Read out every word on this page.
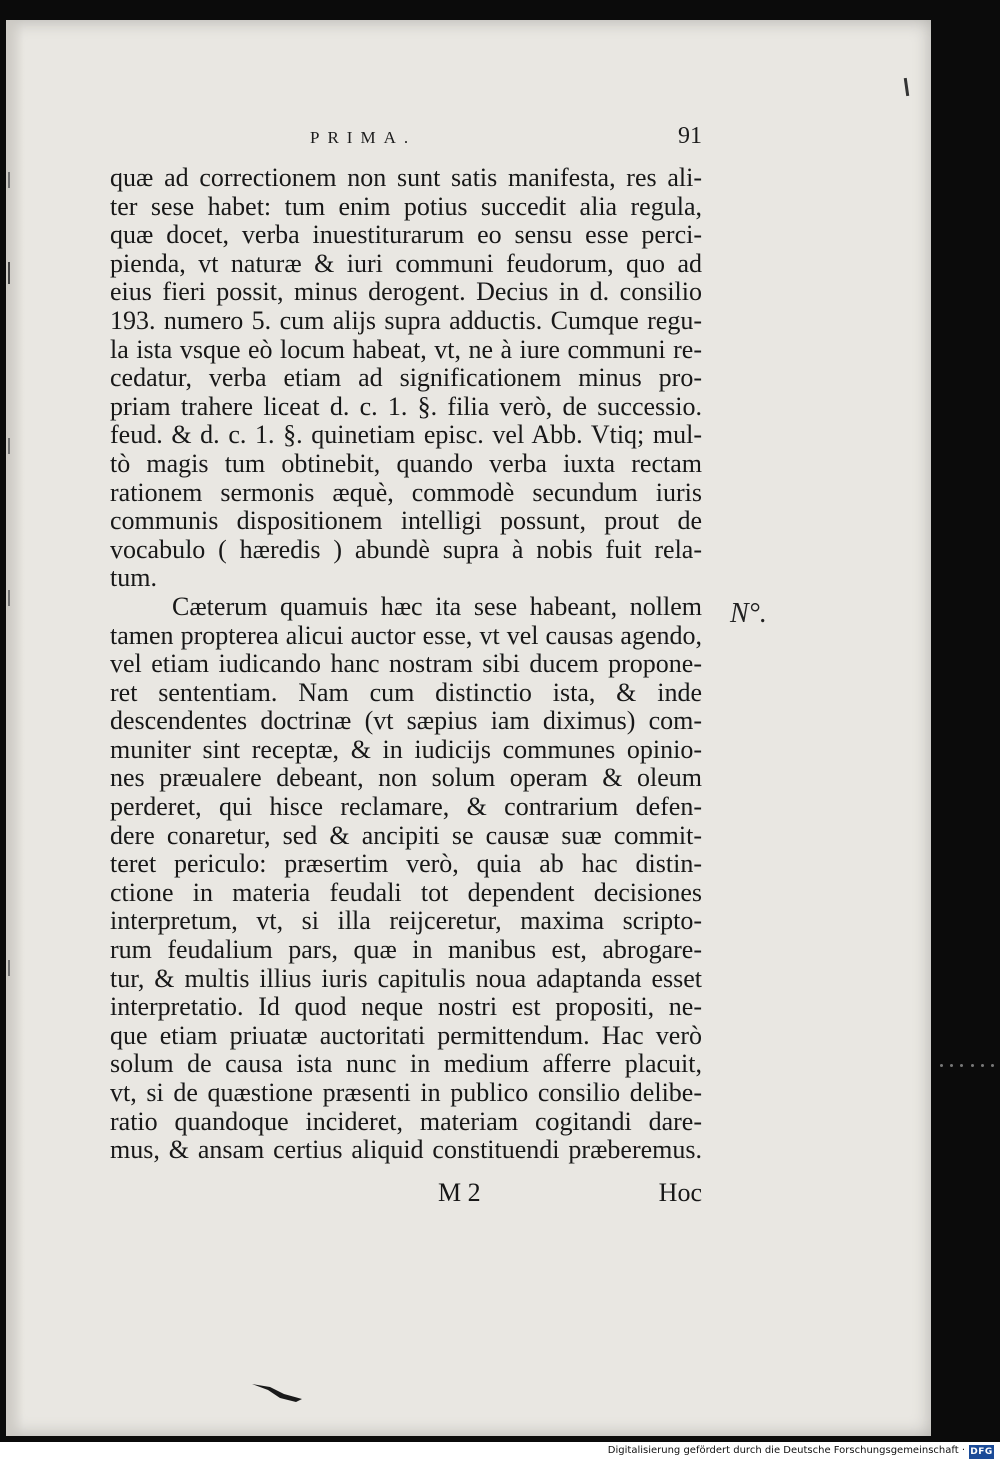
PRIMA.	91
quæ ad correctionem non sunt satis manifesta, res ali-
ter sese habet: tum enim potius succedit alia regula,
quæ docet, verba inuestiturarum eo sensu esse perci-
pienda, vt naturæ & iuri communi feudorum, quo ad
eius fieri possit, minus derogent. Decius in d. consilio
193. numero 5. cum alijs supra adductis. Cumque regu-
la ista vsque eò locum habeat, vt, ne à iure communi re-
cedatur, verba etiam ad significationem minus pro-
priam trahere liceat d. c. 1. §. filia verò, de successio.
feud. & d. c. 1. §. quinetiam episc. vel Abb. Vtiq; mul-
tò magis tum obtinebit, quando verba iuxta rectam
rationem sermonis æquè, commodè secundum iuris
communis dispositionem intelligi possunt, prout de
vocabulo ( hæredis ) abundè supra à nobis fuit rela-
tum.
Cæterum quamuis hæc ita sese habeant, nollem
tamen propterea alicui auctor esse, vt vel causas agendo,
vel etiam iudicando hanc nostram sibi ducem propone-
ret sententiam. Nam cum distinctio ista, & inde
descendentes doctrinæ (vt sæpius iam diximus) com-
muniter sint receptæ, & in iudicijs communes opinio-
nes præualere debeant, non solum operam & oleum
perderet, qui hisce reclamare, & contrarium defen-
dere conaretur, sed & ancipiti se causæ suæ commit-
teret periculo: præsertim verò, quia ab hac distin-
ctione in materia feudali tot dependent decisiones
interpretum, vt, si illa reijceretur, maxima scripto-
rum feudalium pars, quæ in manibus est, abrogare-
tur, & multis illius iuris capitulis noua adaptanda esset
interpretatio. Id quod neque nostri est propositi, ne-
que etiam priuatæ auctoritati permittendum. Hac verò
solum de causa ista nunc in medium afferre placuit,
vt, si de quæstione præsenti in publico consilio delibe-
ratio quandoque incideret, materiam cogitandi dare-
mus, & ansam certius aliquid constituendi præberemus.
N°.
M 2	Hoc
Digitalisierung gefördert durch die Deutsche Forschungsgemeinschaft · DFG
